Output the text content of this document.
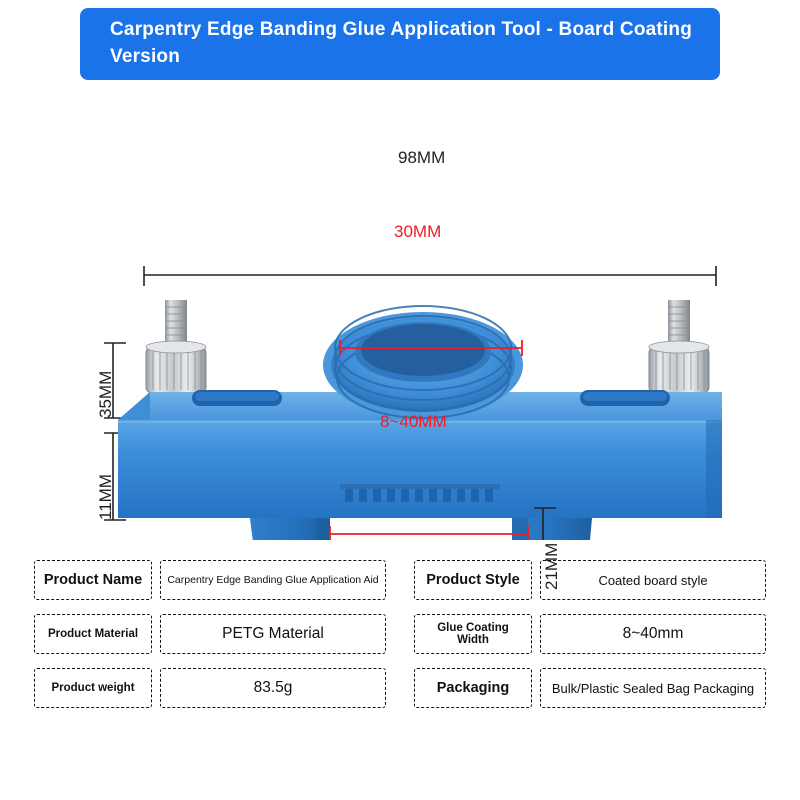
Carpentry Edge Banding Glue Application Tool - Board Coating Version
98MM
35MM
11MM
30MM
8~40MM
21MM
Product Name	Carpentry Edge Banding Glue Application Aid
Product Material	PETG Material
Product weight	83.5g
Product Style	Coated board style
Glue Coating Width	8~40mm
Packaging	Bulk/Plastic Sealed Bag Packaging
